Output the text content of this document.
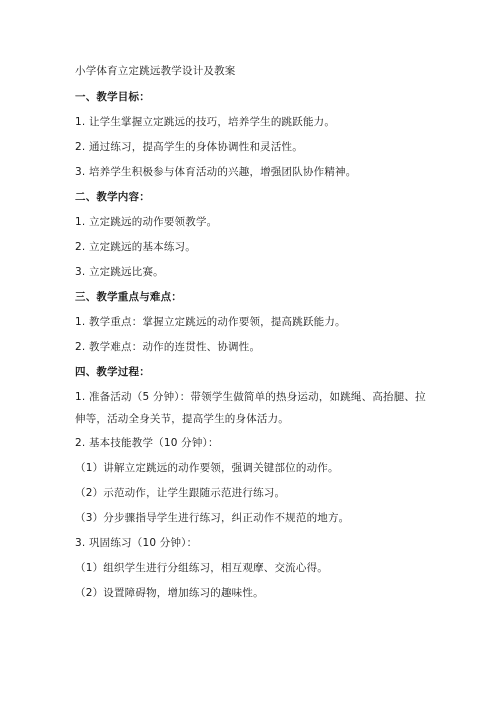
小学体育立定跳远教学设计及教案
一、教学目标：
1. 让学生掌握立定跳远的技巧，培养学生的跳跃能力。
2. 通过练习，提高学生的身体协调性和灵活性。
3. 培养学生积极参与体育活动的兴趣，增强团队协作精神。
二、教学内容：
1. 立定跳远的动作要领教学。
2. 立定跳远的基本练习。
3. 立定跳远比赛。
三、教学重点与难点：
1. 教学重点：掌握立定跳远的动作要领，提高跳跃能力。
2. 教学难点：动作的连贯性、协调性。
四、教学过程：
1. 准备活动（5 分钟）：带领学生做简单的热身运动，如跳绳、高抬腿、拉伸等，活动全身关节，提高学生的身体活力。
2. 基本技能教学（10 分钟）：
（1）讲解立定跳远的动作要领，强调关键部位的动作。
（2）示范动作，让学生跟随示范进行练习。
（3）分步骤指导学生进行练习，纠正动作不规范的地方。
3. 巩固练习（10 分钟）：
（1）组织学生进行分组练习，相互观摩、交流心得。
（2）设置障碍物，增加练习的趣味性。
